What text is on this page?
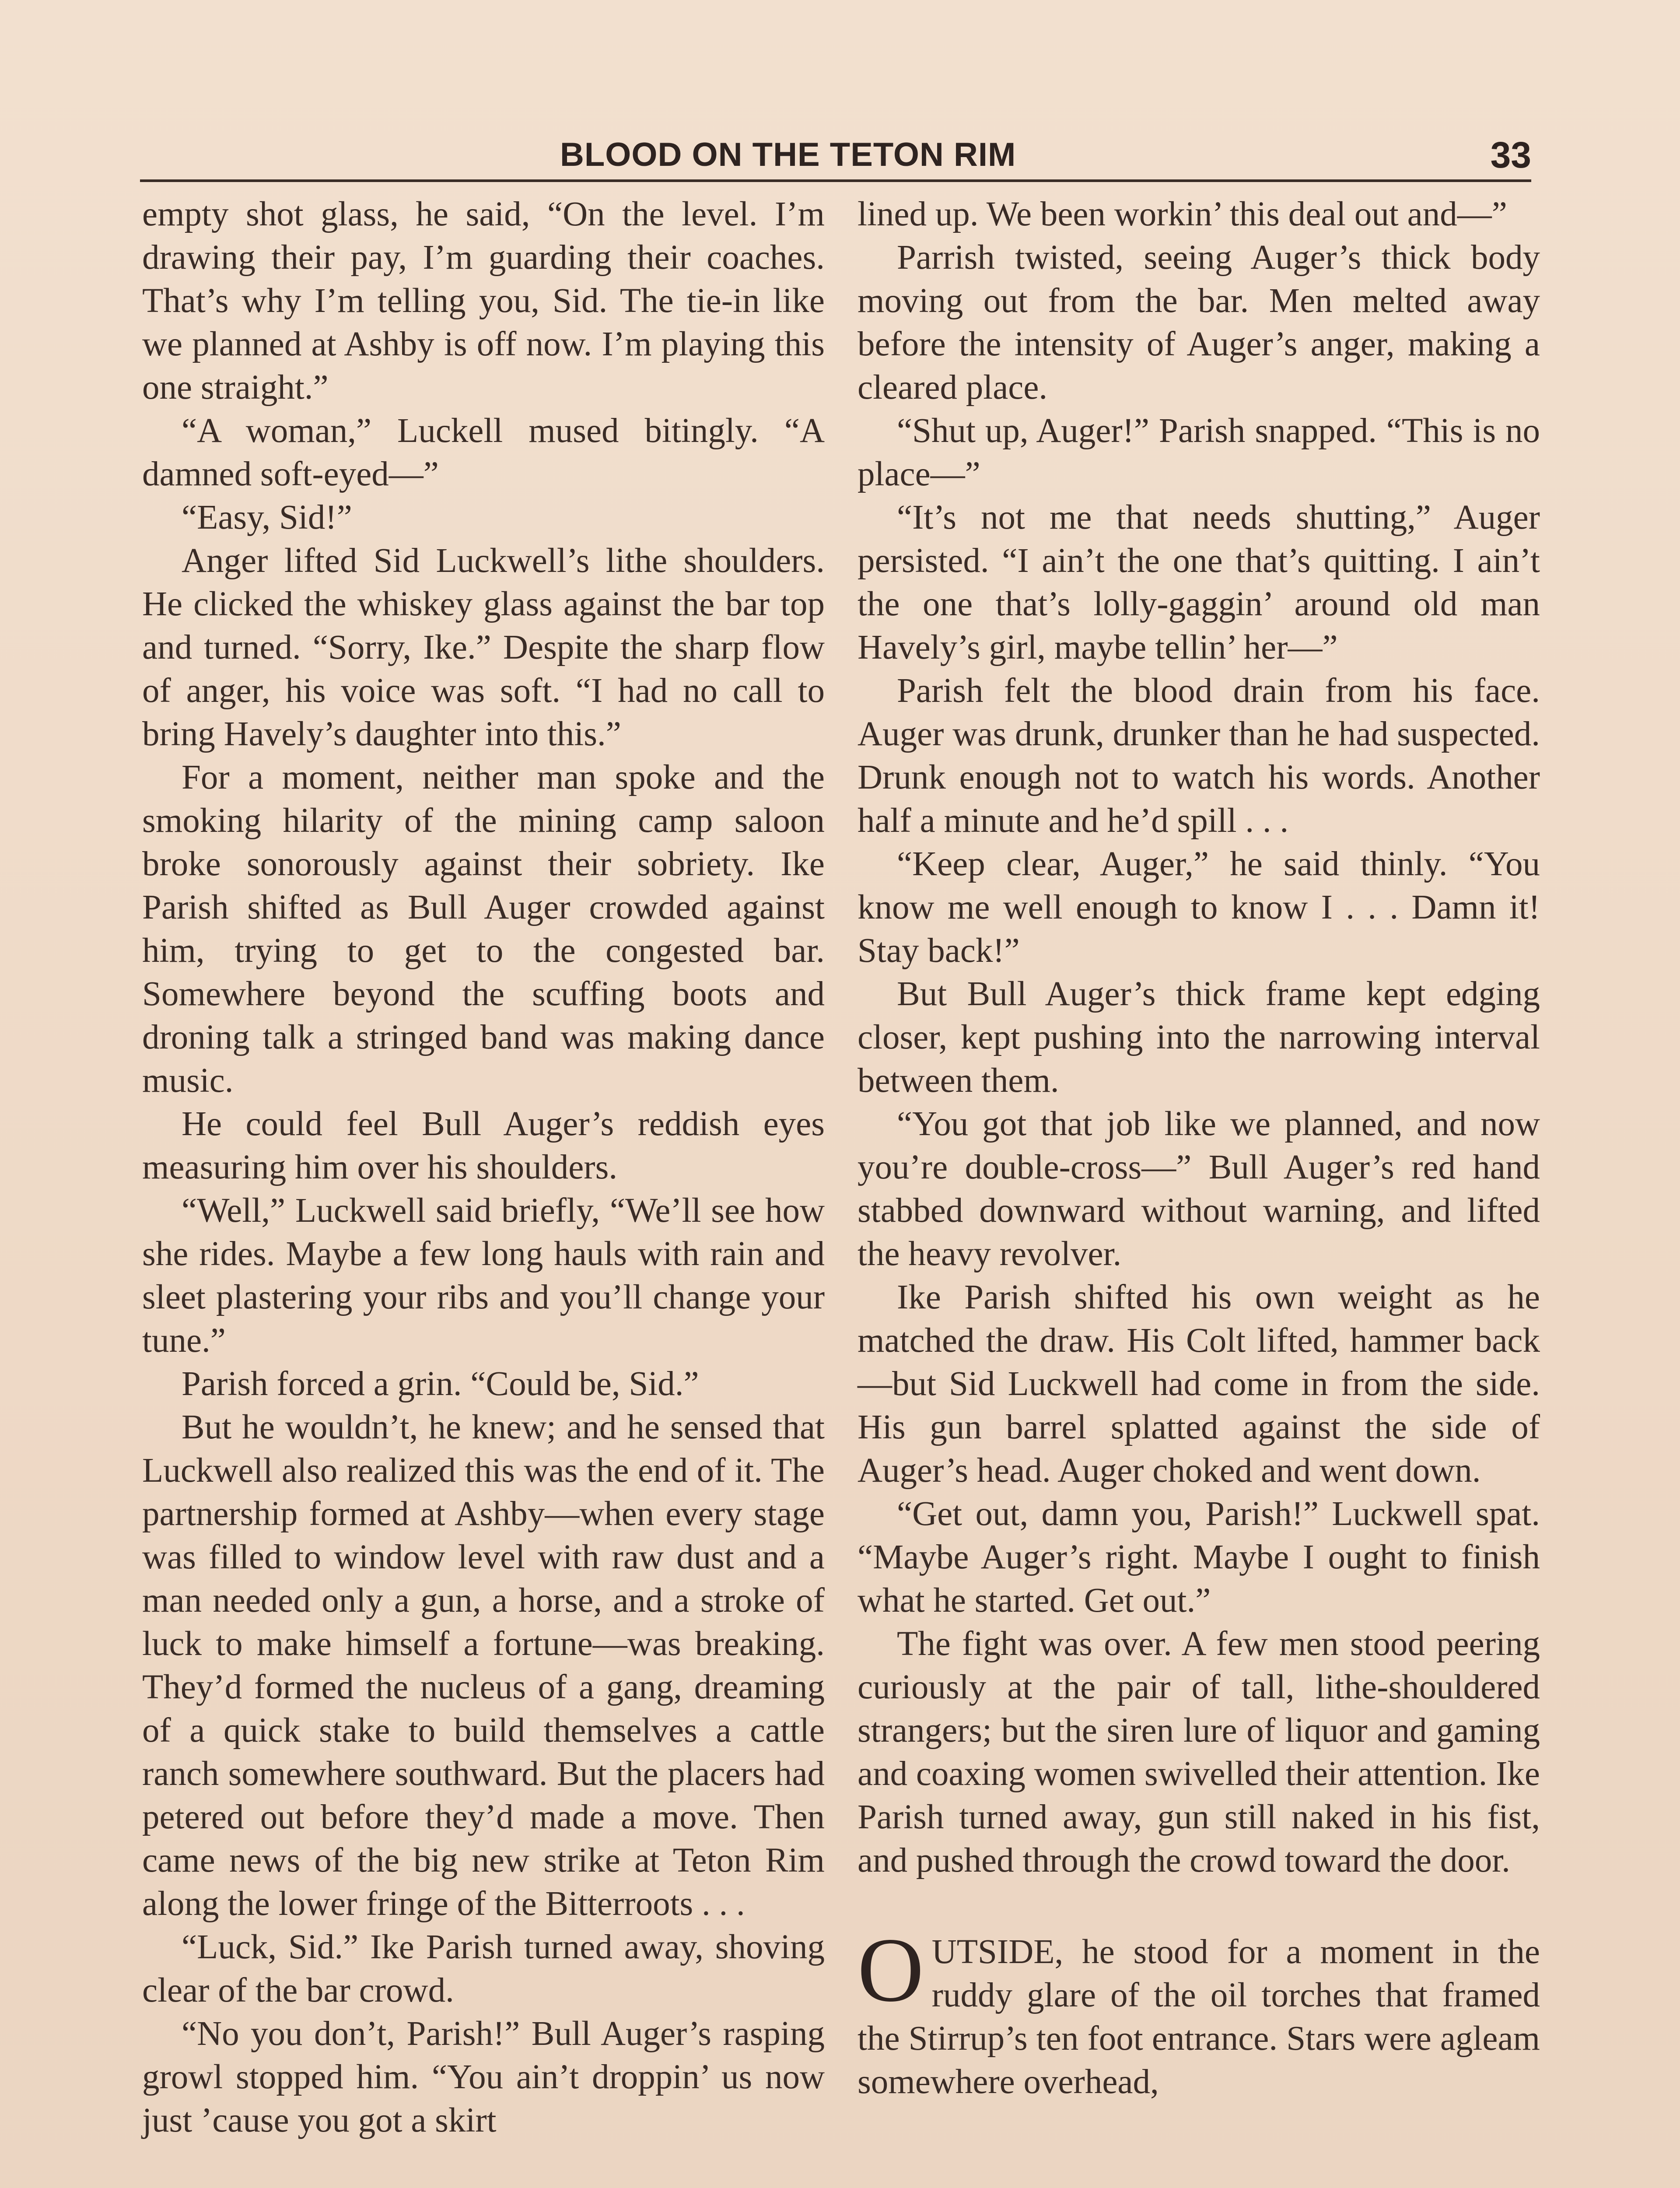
BLOOD ON THE TETON RIM	33

empty shot glass, he said, “On the level. I’m drawing their pay, I’m guarding their coaches. That’s why I’m telling you, Sid. The tie-in like we planned at Ashby is off now. I’m playing this one straight.”

“A woman,” Luckell mused bitingly. “A damned soft-eyed—”

“Easy, Sid!”

Anger lifted Sid Luckwell’s lithe shoulders. He clicked the whiskey glass against the bar top and turned. “Sorry, Ike.” Despite the sharp flow of anger, his voice was soft. “I had no call to bring Havely’s daughter into this.”

For a moment, neither man spoke and the smoking hilarity of the mining camp saloon broke sonorously against their sobriety. Ike Parish shifted as Bull Auger crowded against him, trying to get to the congested bar. Somewhere beyond the scuffing boots and droning talk a stringed band was making dance music.

He could feel Bull Auger’s reddish eyes measuring him over his shoulders.

“Well,” Luckwell said briefly, “We’ll see how she rides. Maybe a few long hauls with rain and sleet plastering your ribs and you’ll change your tune.”

Parish forced a grin. “Could be, Sid.”

But he wouldn’t, he knew; and he sensed that Luckwell also realized this was the end of it. The partnership formed at Ashby—when every stage was filled to window level with raw dust and a man needed only a gun, a horse, and a stroke of luck to make himself a fortune—was breaking. They’d formed the nucleus of a gang, dreaming of a quick stake to build themselves a cattle ranch somewhere southward. But the placers had petered out before they’d made a move. Then came news of the big new strike at Teton Rim along the lower fringe of the Bitterroots . . .

“Luck, Sid.” Ike Parish turned away, shoving clear of the bar crowd.

“No you don’t, Parish!” Bull Auger’s rasping growl stopped him. “You ain’t droppin’ us now just ’cause you got a skirt

lined up. We been workin’ this deal out and—”

Parrish twisted, seeing Auger’s thick body moving out from the bar. Men melted away before the intensity of Auger’s anger, making a cleared place.

“Shut up, Auger!” Parish snapped. “This is no place—”

“It’s not me that needs shutting,” Auger persisted. “I ain’t the one that’s quitting. I ain’t the one that’s lolly-gaggin’ around old man Havely’s girl, maybe tellin’ her—”

Parish felt the blood drain from his face. Auger was drunk, drunker than he had suspected. Drunk enough not to watch his words. Another half a minute and he’d spill . . .

“Keep clear, Auger,” he said thinly. “You know me well enough to know I . . . Damn it! Stay back!”

But Bull Auger’s thick frame kept edging closer, kept pushing into the narrowing interval between them.

“You got that job like we planned, and now you’re double-cross—” Bull Auger’s red hand stabbed downward without warning, and lifted the heavy revolver.

Ike Parish shifted his own weight as he matched the draw. His Colt lifted, hammer back—but Sid Luckwell had come in from the side. His gun barrel splatted against the side of Auger’s head. Auger choked and went down.

“Get out, damn you, Parish!” Luckwell spat. “Maybe Auger’s right. Maybe I ought to finish what he started. Get out.”

The fight was over. A few men stood peering curiously at the pair of tall, lithe-shouldered strangers; but the siren lure of liquor and gaming and coaxing women swivelled their attention. Ike Parish turned away, gun still naked in his fist, and pushed through the crowd toward the door.

OUTSIDE, he stood for a moment in the ruddy glare of the oil torches that framed the Stirrup’s ten foot entrance. Stars were agleam somewhere overhead,
